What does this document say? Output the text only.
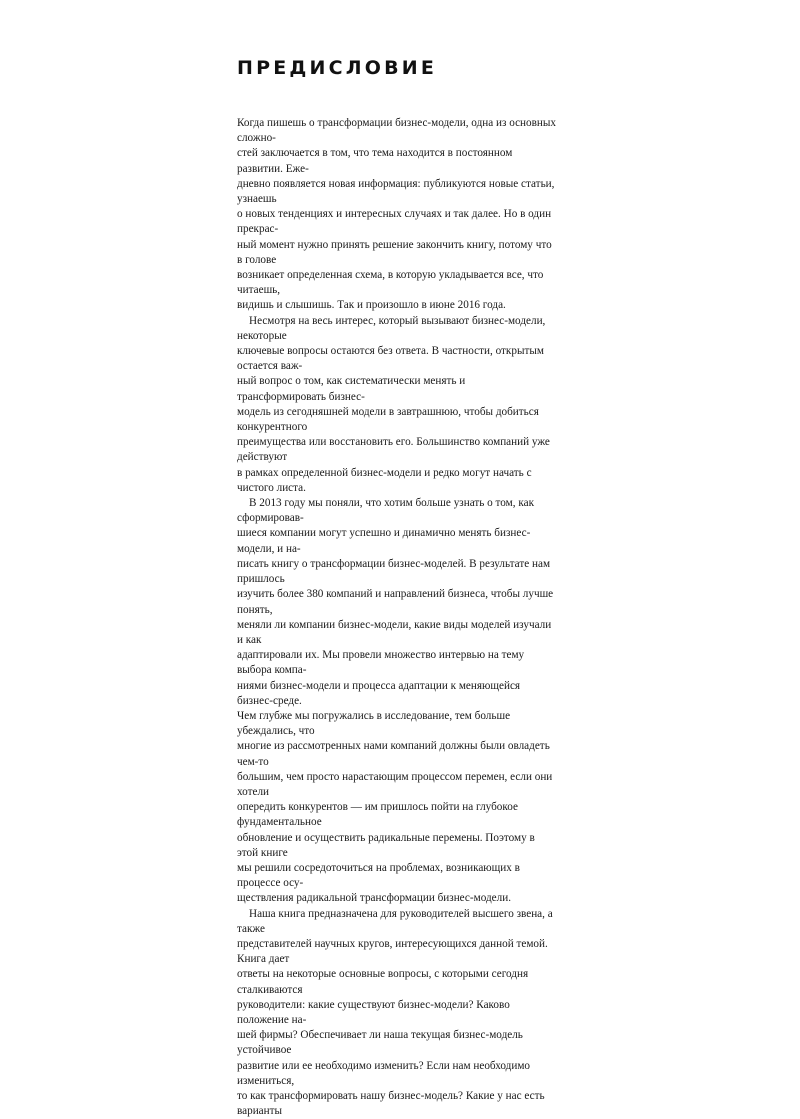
ПРЕДИСЛОВИЕ

Когда пишешь о трансформации бизнес-модели, одна из основных сложно-
стей заключается в том, что тема находится в постоянном развитии. Еже-
дневно появляется новая информация: публикуются новые статьи, узнаешь
о новых тенденциях и интересных случаях и так далее. Но в один прекрас-
ный момент нужно принять решение закончить книгу, потому что в голове
возникает определенная схема, в которую укладывается все, что читаешь,
видишь и слышишь. Так и произошло в июне 2016 года.

Несмотря на весь интерес, который вызывают бизнес-модели, некоторые
ключевые вопросы остаются без ответа. В частности, открытым остается важ-
ный вопрос о том, как систематически менять и трансформировать бизнес-
модель из сегодняшней модели в завтрашнюю, чтобы добиться конкурентного
преимущества или восстановить его. Большинство компаний уже действуют
в рамках определенной бизнес-модели и редко могут начать с чистого листа.

В 2013 году мы поняли, что хотим больше узнать о том, как сформировав-
шиеся компании могут успешно и динамично менять бизнес-модели, и на-
писать книгу о трансформации бизнес-моделей. В результате нам пришлось
изучить более 380 компаний и направлений бизнеса, чтобы лучше понять,
меняли ли компании бизнес-модели, какие виды моделей изучали и как
адаптировали их. Мы провели множество интервью на тему выбора компа-
ниями бизнес-модели и процесса адаптации к меняющейся бизнес-среде.
Чем глубже мы погружались в исследование, тем больше убеждались, что
многие из рассмотренных нами компаний должны были овладеть чем-то
большим, чем просто нарастающим процессом перемен, если они хотели
опередить конкурентов — им пришлось пойти на глубокое фундаментальное
обновление и осуществить радикальные перемены. Поэтому в этой книге
мы решили сосредоточиться на проблемах, возникающих в процессе осу-
ществления радикальной трансформации бизнес-модели.

Наша книга предназначена для руководителей высшего звена, а также
представителей научных кругов, интересующихся данной темой. Книга дает
ответы на некоторые основные вопросы, с которыми сегодня сталкиваются
руководители: какие существуют бизнес-модели? Каково положение на-
шей фирмы? Обеспечивает ли наша текущая бизнес-модель устойчивое
развитие или ее необходимо изменить? Если нам необходимо измениться,
то как трансформировать нашу бизнес-модель? Какие у нас есть варианты
